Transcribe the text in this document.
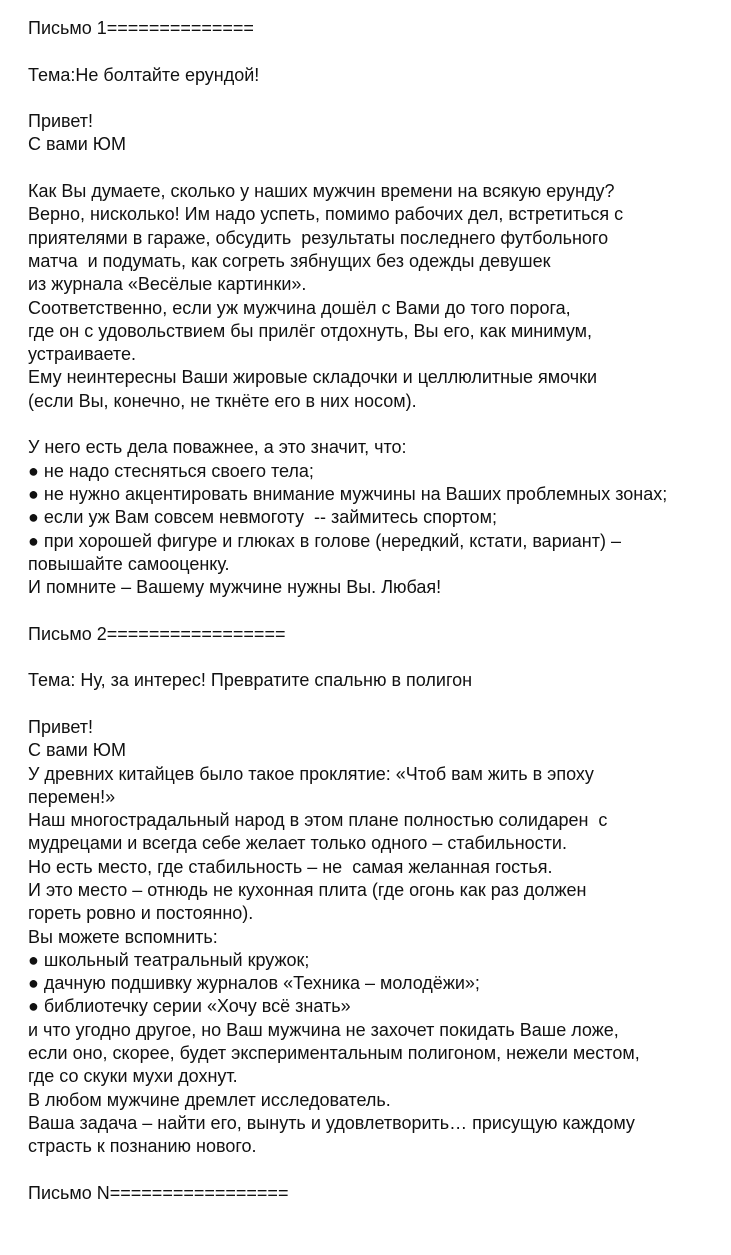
Письмо 1==============
Тема:Не болтайте ерундой!
Привет!
С вами ЮМ
Как Вы думаете, сколько у наших мужчин времени на всякую ерунду?
Верно, нисколько! Им надо успеть, помимо рабочих дел, встретиться с
приятелями в гараже, обсудить  результаты последнего футбольного
матча  и подумать, как согреть зябнущих без одежды девушек
из журнала «Весёлые картинки».
Соответственно, если уж мужчина дошёл с Вами до того порога,
где он с удовольствием бы прилёг отдохнуть, Вы его, как минимум,
устраиваете.
Ему неинтересны Ваши жировые складочки и целлюлитные ямочки
(если Вы, конечно, не ткнёте его в них носом).
У него есть дела поважнее, а это значит, что:
● не надо стесняться своего тела;
● не нужно акцентировать внимание мужчины на Ваших проблемных зонах;
● если уж Вам совсем невмоготу  -- займитесь спортом;
● при хорошей фигуре и глюках в голове (нередкий, кстати, вариант) –
повышайте самооценку.
И помните – Вашему мужчине нужны Вы. Любая!
Письмо 2=================
Тема: Ну, за интерес! Превратите спальню в полигон
Привет!
С вами ЮМ
У древних китайцев было такое проклятие: «Чтоб вам жить в эпоху
перемен!»
Наш многострадальный народ в этом плане полностью солидарен  с
мудрецами и всегда себе желает только одного – стабильности.
Но есть место, где стабильность – не  самая желанная гостья.
И это место – отнюдь не кухонная плита (где огонь как раз должен
гореть ровно и постоянно).
Вы можете вспомнить:
● школьный театральный кружок;
● дачную подшивку журналов «Техника – молодёжи»;
● библиотечку серии «Хочу всё знать»
и что угодно другое, но Ваш мужчина не захочет покидать Ваше ложе,
если оно, скорее, будет экспериментальным полигоном, нежели местом,
где со скуки мухи дохнут.
В любом мужчине дремлет исследователь.
Ваша задача – найти его, вынуть и удовлетворить… присущую каждому
страсть к познанию нового.
Письмо N=================
